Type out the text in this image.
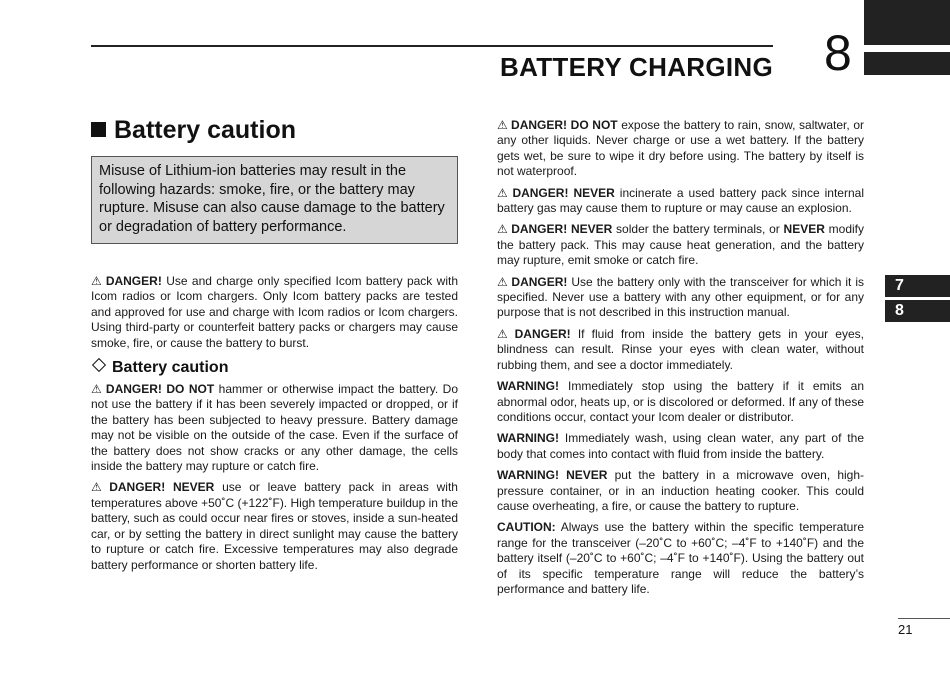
BATTERY CHARGING 8
7
8
Battery caution
Misuse of Lithium-ion batteries may result in the following hazards: smoke, fire, or the battery may rupture. Misuse can also cause damage to the battery or degradation of battery performance.

⚠ DANGER! Use and charge only specified Icom battery pack with Icom radios or Icom chargers. Only Icom battery packs are tested and approved for use and charge with Icom radios or Icom chargers. Using third-party or counterfeit battery packs or chargers may cause smoke, fire, or cause the battery to burst.

Battery caution

⚠ DANGER! DO NOT hammer or otherwise impact the battery. Do not use the battery if it has been severely impacted or dropped, or if the battery has been subjected to heavy pressure. Battery damage may not be visible on the outside of the case. Even if the surface of the battery does not show cracks or any other damage, the cells inside the battery may rupture or catch fire.

⚠ DANGER! NEVER use or leave battery pack in areas with temperatures above +50˚C (+122˚F). High temperature buildup in the battery, such as could occur near fires or stoves, inside a sun-heated car, or by setting the battery in direct sunlight may cause the battery to rupture or catch fire. Excessive temperatures may also degrade battery performance or shorten battery life.

⚠ DANGER! DO NOT expose the battery to rain, snow, saltwater, or any other liquids. Never charge or use a wet battery. If the battery gets wet, be sure to wipe it dry before using. The battery by itself is not waterproof.

⚠ DANGER! NEVER incinerate a used battery pack since internal battery gas may cause them to rupture or may cause an explosion.

⚠ DANGER! NEVER solder the battery terminals, or NEVER modify the battery pack. This may cause heat generation, and the battery may rupture, emit smoke or catch fire.

⚠ DANGER! Use the battery only with the transceiver for which it is specified. Never use a battery with any other equipment, or for any purpose that is not described in this instruction manual.

⚠ DANGER! If fluid from inside the battery gets in your eyes, blindness can result. Rinse your eyes with clean water, without rubbing them, and see a doctor immediately.

WARNING! Immediately stop using the battery if it emits an abnormal odor, heats up, or is discolored or deformed. If any of these conditions occur, contact your Icom dealer or distributor.

WARNING! Immediately wash, using clean water, any part of the body that comes into contact with fluid from inside the battery.

WARNING! NEVER put the battery in a microwave oven, high-pressure container, or in an induction heating cooker. This could cause overheating, a fire, or cause the battery to rupture.

CAUTION: Always use the battery within the specific temperature range for the transceiver (–20˚C to +60˚C; –4˚F to +140˚F) and the battery itself (–20˚C to +60˚C; –4˚F to +140˚F). Using the battery out of its specific temperature range will reduce the battery’s performance and battery life.

21
